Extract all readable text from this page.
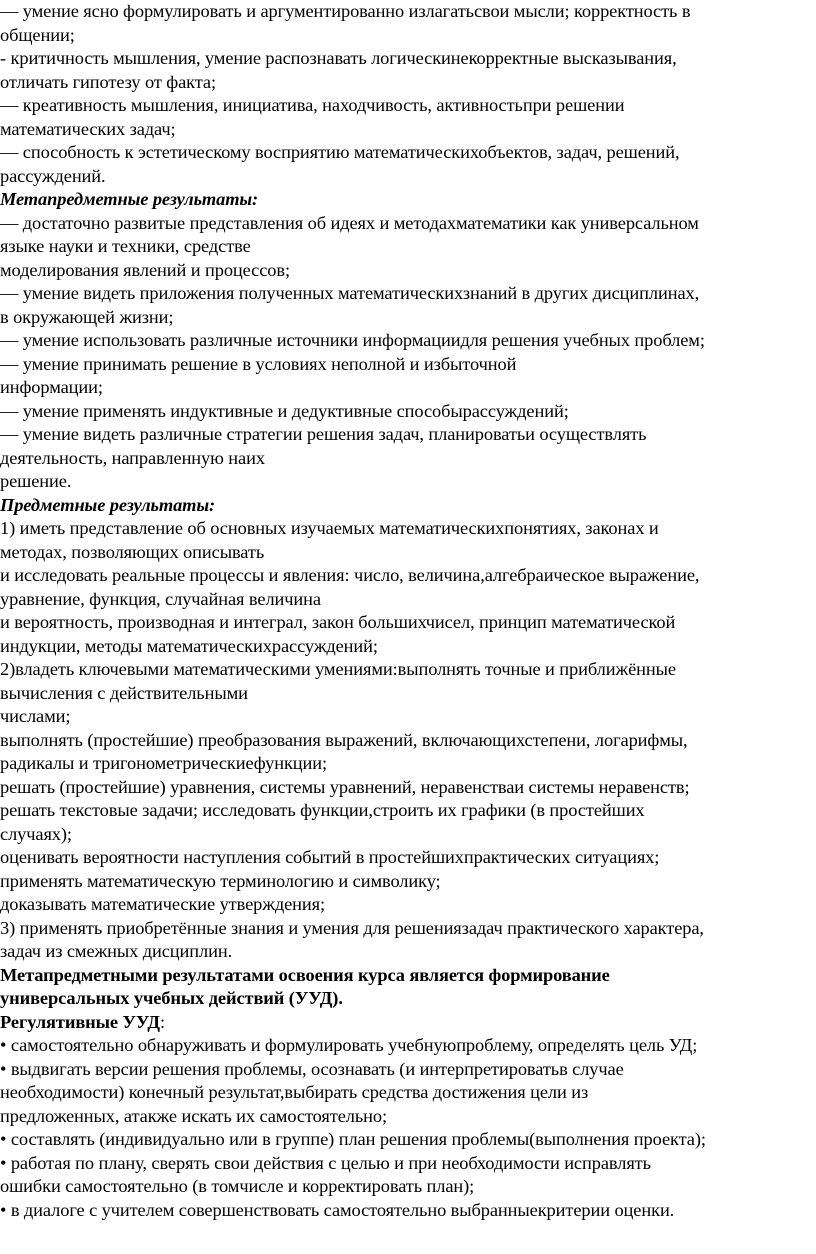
— умение ясно формулировать и аргументированно излагатьсвои мысли; корректность в
общении;
- критичность мышления, умение распознавать логическинекорректные высказывания,
отличать гипотезу от факта;
— креативность мышления, инициатива, находчивость, активностьпри решении
математических задач;
— способность к эстетическому восприятию математическихобъектов, задач, решений,
рассуждений.
Метапредметные результаты:
— достаточно развитые представления об идеях и методахматематики как универсальном
языке науки и техники, средстве
моделирования явлений и процессов;
— умение видеть приложения полученных математическихзнаний в других дисциплинах,
в окружающей жизни;
— умение использовать различные источники информациидля решения учебных проблем;
— умение принимать решение в условиях неполной и избыточной
информации;
— умение применять индуктивные и дедуктивные способырассуждений;
— умение видеть различные стратегии решения задач, планироватьи осуществлять
деятельность, направленную наих
решение.
Предметные результаты:
1) иметь представление об основных изучаемых математическихпонятиях, законах и
методах, позволяющих описывать
и исследовать реальные процессы и явления: число, величина,алгебраическое выражение,
уравнение, функция, случайная величина
и вероятность, производная и интеграл, закон большихчисел, принцип математической
индукции, методы математическихрассуждений;
2)владеть ключевыми математическими умениями:выполнять точные и приближённые
вычисления с действительными
числами;
выполнять (простейшие) преобразования выражений, включающихстепени, логарифмы,
радикалы и тригонометрическиефункции;
решать (простейшие) уравнения, системы уравнений, неравенстваи системы неравенств;
решать текстовые задачи; исследовать функции,строить их графики (в простейших
случаях);
оценивать вероятности наступления событий в простейшихпрактических ситуациях;
применять математическую терминологию и символику;
доказывать математические утверждения;
3) применять приобретённые знания и умения для решениязадач практического характера,
задач из смежных дисциплин.
Метапредметными результатами освоения курса является формирование
универсальных учебных действий (УУД).
Регулятивные УУД:
• самостоятельно обнаруживать и формулировать учебнуюпроблему, определять цель УД;
• выдвигать версии решения проблемы, осознавать (и интерпретироватьв случае
необходимости) конечный результат,выбирать средства достижения цели из
предложенных, атакже искать их самостоятельно;
• составлять (индивидуально или в группе) план решения проблемы(выполнения проекта);
• работая по плану, сверять свои действия с целью и при необходимости исправлять
ошибки самостоятельно (в томчисле и корректировать план);
• в диалоге с учителем совершенствовать самостоятельно выбранныекритерии оценки.
